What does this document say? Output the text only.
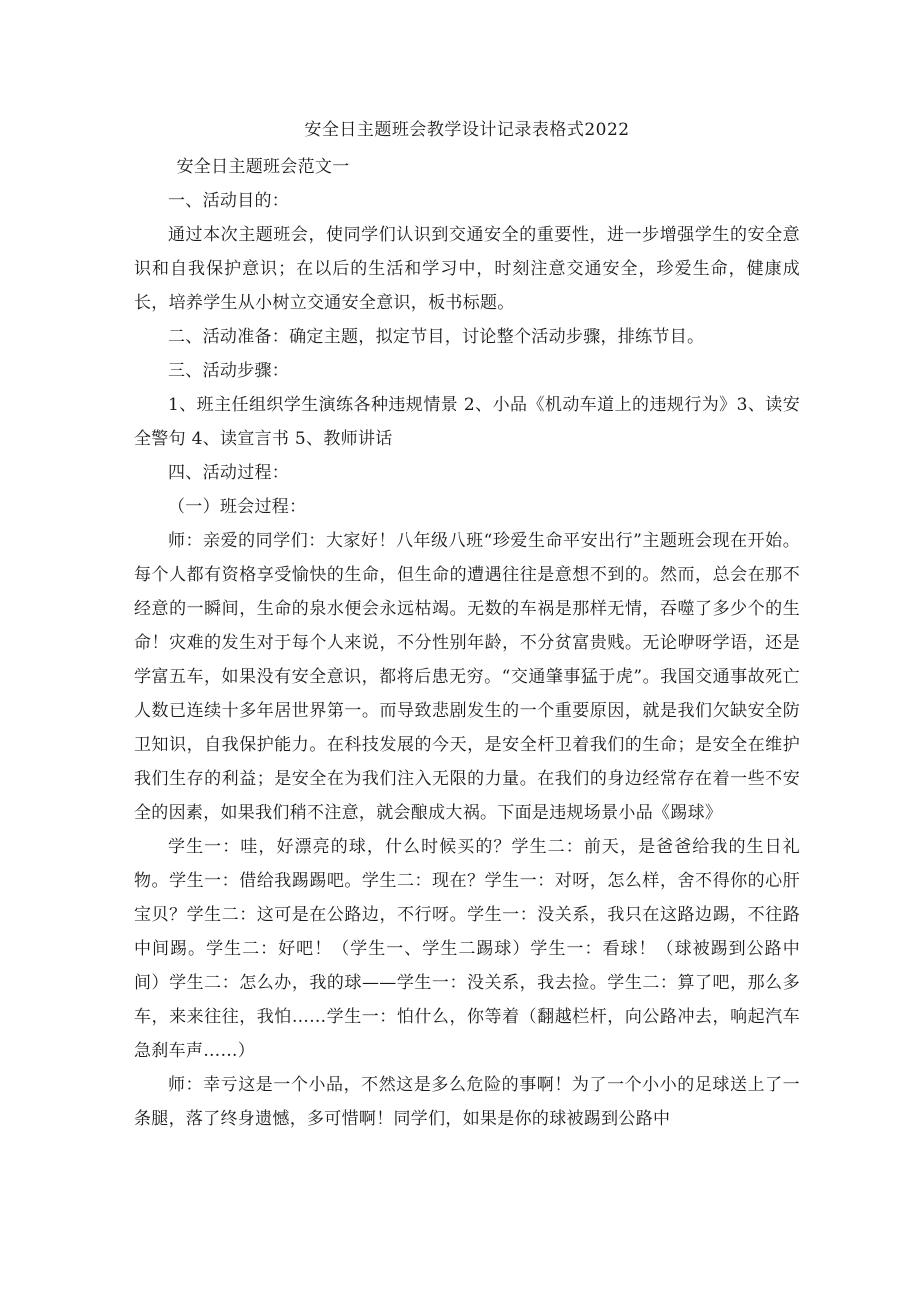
安全日主题班会教学设计记录表格式2022

安全日主题班会范文一

一、活动目的：

通过本次主题班会，使同学们认识到交通安全的重要性，进一步增强学生的安全意识和自我保护意识；在以后的生活和学习中，时刻注意交通安全，珍爱生命，健康成长，培养学生从小树立交通安全意识，板书标题。

二、活动准备：确定主题，拟定节目，讨论整个活动步骤，排练节目。

三、活动步骤：

1、班主任组织学生演练各种违规情景 2、小品《机动车道上的违规行为》3、读安全警句 4、读宣言书 5、教师讲话

四、活动过程：

（一）班会过程：

师：亲爱的同学们：大家好！八年级八班“珍爱生命平安出行”主题班会现在开始。每个人都有资格享受愉快的生命，但生命的遭遇往往是意想不到的。然而，总会在那不经意的一瞬间，生命的泉水便会永远枯竭。无数的车祸是那样无情，吞噬了多少个的生命！灾难的发生对于每个人来说，不分性别年龄，不分贫富贵贱。无论咿呀学语，还是学富五车，如果没有安全意识，都将后患无穷。“交通肇事猛于虎”。我国交通事故死亡人数已连续十多年居世界第一。而导致悲剧发生的一个重要原因，就是我们欠缺安全防卫知识，自我保护能力。在科技发展的今天，是安全杆卫着我们的生命；是安全在维护我们生存的利益；是安全在为我们注入无限的力量。在我们的身边经常存在着一些不安全的因素，如果我们稍不注意，就会酿成大祸。下面是违规场景小品《踢球》

学生一：哇，好漂亮的球，什么时候买的？学生二：前天，是爸爸给我的生日礼物。学生一：借给我踢踢吧。学生二：现在？学生一：对呀，怎么样，舍不得你的心肝宝贝？学生二：这可是在公路边，不行呀。学生一：没关系，我只在这路边踢，不往路中间踢。学生二：好吧！（学生一、学生二踢球）学生一：看球！（球被踢到公路中间）学生二：怎么办，我的球——学生一：没关系，我去捡。学生二：算了吧，那么多车，来来往往，我怕……学生一：怕什么，你等着（翻越栏杆，向公路冲去，响起汽车急刹车声……）

师：幸亏这是一个小品，不然这是多么危险的事啊！为了一个小小的足球送上了一条腿，落了终身遗憾，多可惜啊！同学们，如果是你的球被踢到公路中
